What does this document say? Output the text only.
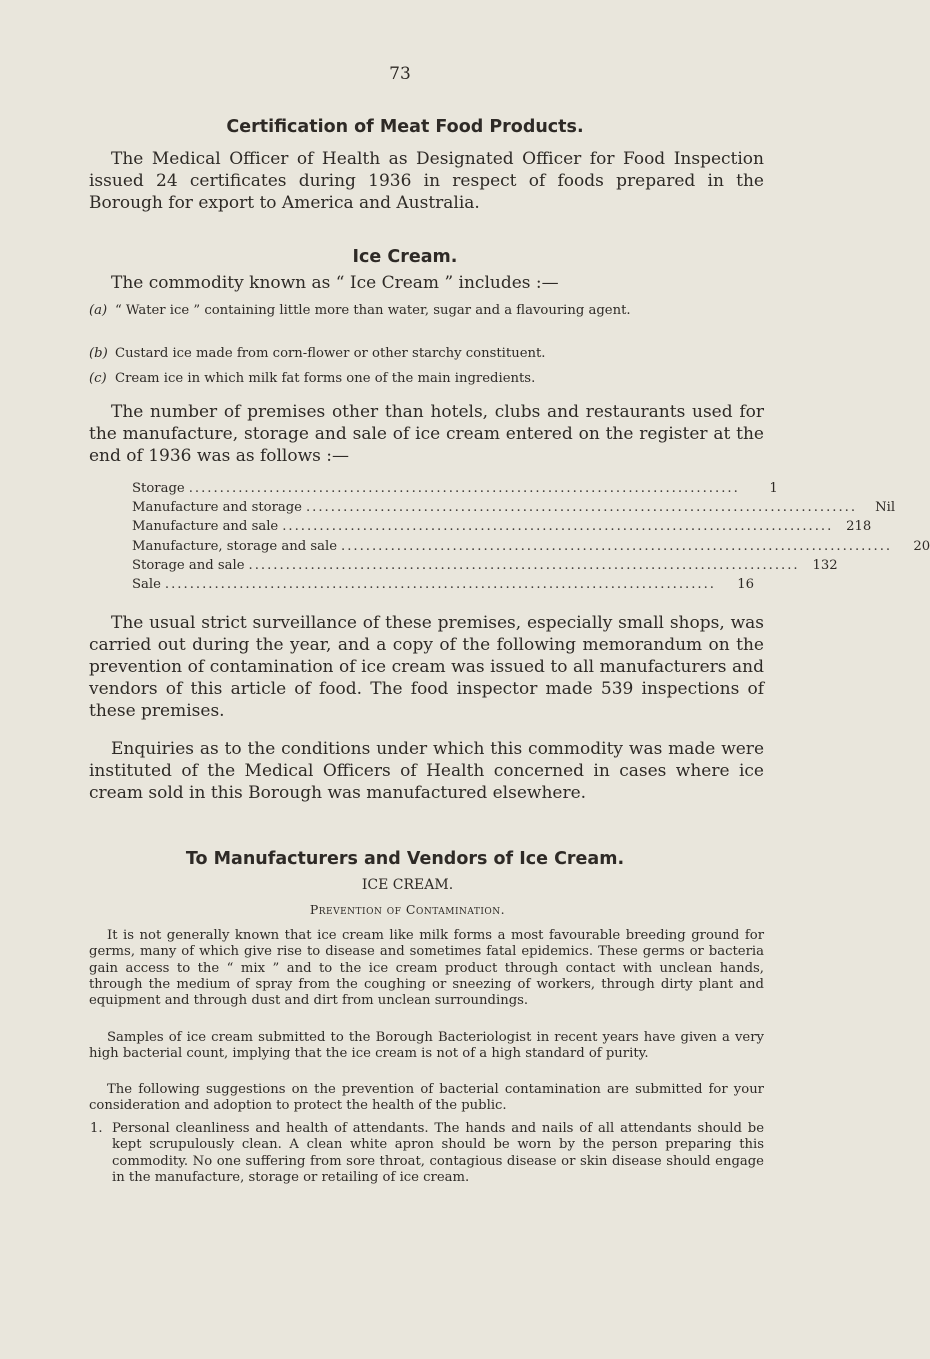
73
Certification of Meat Food Products.

The Medical Officer of Health as Designated Officer for Food Inspection issued 24 certificates during 1936 in respect of foods prepared in the Borough for export to America and Australia.

Ice Cream.

The commodity known as “ Ice Cream ” includes :—

(a) “ Water ice ” containing little more than water, sugar and a flavouring agent.
(b) Custard ice made from corn-flower or other starchy constituent.
(c) Cream ice in which milk fat forms one of the main ingredients.

The number of premises other than hotels, clubs and restaurants used for the manufacture, storage and sale of ice cream entered on the register at the end of 1936 was as follows :—

Storage .........................................................................................	1
Manufacture and storage .........................................................................................	Nil
Manufacture and sale ......................................................................................... 218
Manufacture, storage and sale .........................................................................................	20
Storage and sale ......................................................................................... 132
Sale .........................................................................................	16

The usual strict surveillance of these premises, especially small shops, was carried out during the year, and a copy of the following memorandum on the prevention of contamination of ice cream was issued to all manufacturers and vendors of this article of food. The food inspector made 539 inspections of these premises.

Enquiries as to the conditions under which this commodity was made were instituted of the Medical Officers of Health concerned in cases where ice cream sold in this Borough was manufactured elsewhere.

To Manufacturers and Vendors of Ice Cream.
ICE CREAM.
Prevention of Contamination.

It is not generally known that ice cream like milk forms a most favourable breeding ground for germs, many of which give rise to disease and sometimes fatal epidemics. These germs or bacteria gain access to the “ mix ” and to the ice cream product through contact with unclean hands, through the medium of spray from the coughing or sneezing of workers, through dirty plant and equipment and through dust and dirt from unclean surroundings.

Samples of ice cream submitted to the Borough Bacteriologist in recent years have given a very high bacterial count, implying that the ice cream is not of a high standard of purity.

The following suggestions on the prevention of bacterial contamination are submitted for your consideration and adoption to protect the health of the public.

1. Personal cleanliness and health of attendants. The hands and nails of all attendants should be kept scrupulously clean. A clean white apron should be worn by the person preparing this commodity. No one suffering from sore throat, contagious disease or skin disease should engage in the manufacture, storage or retailing of ice cream.
